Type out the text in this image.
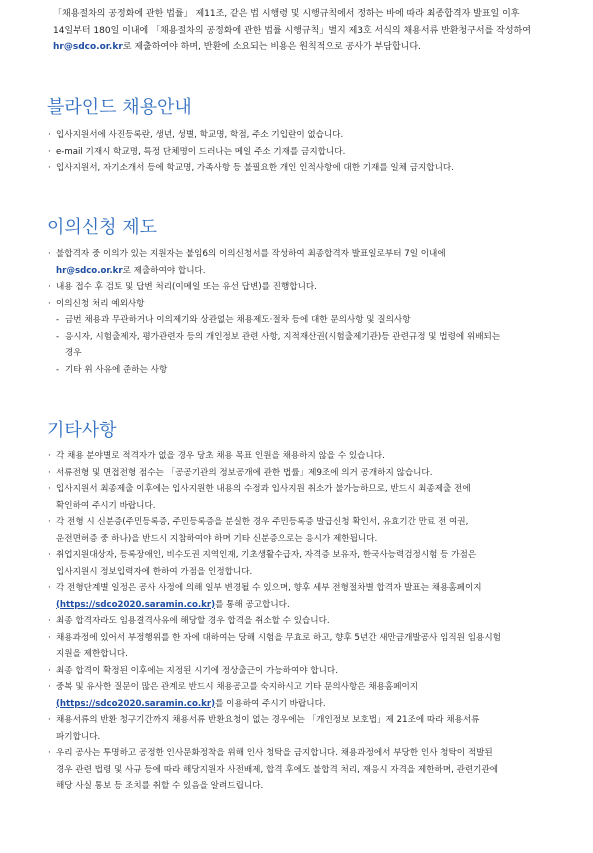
「채용절차의 공정화에 관한 법률」 제11조, 같은 법 시행령 및 시행규칙에서 정하는 바에 따라 최종합격자 발표일 이후
14일부터 180일 이내에 「채용절차의 공정화에 관한 법률 시행규칙」별지 제3호 서식의 채용서류 반환청구서를 작성하여
hr@sdco.or.kr로 제출하여야 하며, 반환에 소요되는 비용은 원칙적으로 공사가 부담합니다.
블라인드 채용안내
· 입사지원서에 사진등록란, 생년, 성별, 학교명, 학점, 주소 기입란이 없습니다.
· e-mail 기재시 학교명, 특정 단체명이 드러나는 메일 주소 기재를 금지합니다.
· 입사지원서, 자기소개서 등에 학교명, 가족사항 등 불필요한 개인 인적사항에 대한 기재를 일체 금지합니다.
이의신청 제도
· 불합격자 중 이의가 있는 지원자는 붙임6의 이의신청서를 작성하여 최종합격자 발표일로부터 7일 이내에
hr@sdco.or.kr로 제출하여야 합니다.
· 내용 접수 후 검토 및 답변 처리(이메일 또는 유선 답변)를 진행합니다.
· 이의신청 처리 예외사항
- 금번 채용과 무관하거나 이의제기와 상관없는 채용제도·절차 등에 대한 문의사항 및 질의사항
- 응시자, 시험출제자, 평가관련자 등의 개인정보 관련 사항, 지적재산권(시험출제기관)등 관련규정 및 법령에 위배되는
경우
- 기타 위 사유에 준하는 사항
기타사항
· 각 채용 분야별로 적격자가 없을 경우 당초 채용 목표 인원을 채용하지 않을 수 있습니다.
· 서류전형 및 면접전형 점수는 「공공기관의 정보공개에 관한 법률」제9조에 의거 공개하지 않습니다.
· 입사지원서 최종제출 이후에는 입사지원한 내용의 수정과 입사지원 취소가 불가능하므로, 반드시 최종제출 전에
확인하여 주시기 바랍니다.
· 각 전형 시 신분증(주민등록증, 주민등록증을 분실한 경우 주민등록증 발급신청 확인서, 유효기간 만료 전 여권,
운전면허증 중 하나)을 반드시 지참하여야 하며 기타 신분증으로는 응시가 제한됩니다.
· 취업지원대상자, 등록장애인, 비수도권 지역인재, 기초생활수급자, 자격증 보유자, 한국사능력검정시험 등 가점은
입사지원시 정보입력자에 한하여 가점을 인정합니다.
· 각 전형단계별 일정은 공사 사정에 의해 일부 변경될 수 있으며, 향후 세부 전형절차별 합격자 발표는 채용홈페이지
(https://sdco2020.saramin.co.kr)를 통해 공고합니다.
· 최종 합격자라도 임용결격사유에 해당할 경우 합격을 취소할 수 있습니다.
· 채용과정에 있어서 부정행위를 한 자에 대하여는 당해 시험을 무효로 하고, 향후 5년간 새만금개발공사 임직원 임용시험
지원을 제한합니다.
· 최종 합격이 확정된 이후에는 지정된 시기에 정상출근이 가능하여야 합니다.
· 중복 및 유사한 질문이 많은 관계로 반드시 채용공고를 숙지하시고 기타 문의사항은 채용홈페이지
(https://sdco2020.saramin.co.kr)를 이용하여 주시기 바랍니다.
· 채용서류의 반환 청구기간까지 채용서류 반환요청이 없는 경우에는 「개인정보 보호법」제 21조에 따라 채용서류
파기합니다.
· 우리 공사는 투명하고 공정한 인사문화정착을 위해 인사 청탁을 금지합니다. 채용과정에서 부당한 인사 청탁이 적발된
경우 관련 법령 및 사규 등에 따라 해당지원자 사전배제, 합격 후에도 불합격 처리, 재응시 자격을 제한하며, 관련기관에
해당 사실 통보 등 조치를 취할 수 있음을 알려드립니다.
